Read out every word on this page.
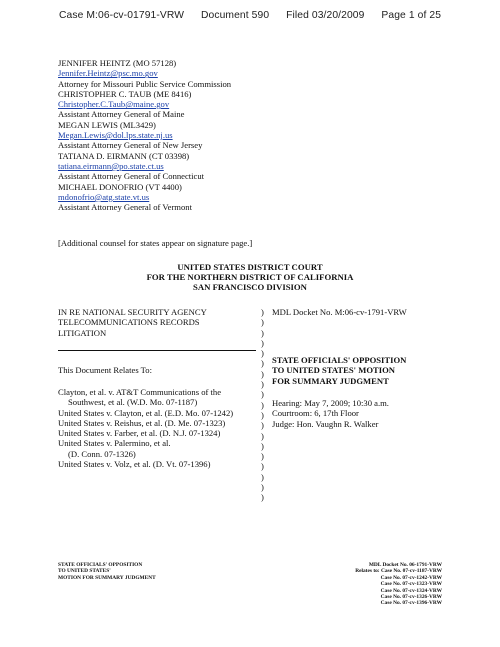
Case M:06-cv-01791-VRW Document 590 Filed 03/20/2009 Page 1 of 25
JENNIFER HEINTZ (MO 57128)
Jennifer.Heintz@psc.mo.gov
Attorney for Missouri Public Service Commission
CHRISTOPHER C. TAUB (ME 8416)
Christopher.C.Taub@maine.gov
Assistant Attorney General of Maine
MEGAN LEWIS (ML3429)
Megan.Lewis@dol.lps.state.nj.us
Assistant Attorney General of New Jersey
TATIANA D. EIRMANN (CT 03398)
tatiana.eirmann@po.state.ct.us
Assistant Attorney General of Connecticut
MICHAEL DONOFRIO (VT 4400)
mdonofrio@atg.state.vt.us
Assistant Attorney General of Vermont
[Additional counsel for states appear on signature page.]
UNITED STATES DISTRICT COURT
FOR THE NORTHERN DISTRICT OF CALIFORNIA
SAN FRANCISCO DIVISION
IN RE NATIONAL SECURITY AGENCY
TELECOMMUNICATIONS RECORDS
LITIGATION
This Document Relates To:
Clayton, et al. v. AT&T Communications of the
Southwest, et al. (W.D. Mo. 07-1187)
United States v. Clayton, et al. (E.D. Mo. 07-1242)
United States v. Reishus, et al. (D. Me. 07-1323)
United States v. Farber, et al. (D. N.J. 07-1324)
United States v. Palermino, et al.
(D. Conn. 07-1326)
United States v. Volz, et al. (D. Vt. 07-1396)
)
)
)
)
)
)
)
)
)
)
)
)
)
)
)
)
)
)
)
MDL Docket No. M:06-cv-1791-VRW
STATE OFFICIALS' OPPOSITION
TO UNITED STATES' MOTION
FOR SUMMARY JUDGMENT
Hearing: May 7, 2009; 10:30 a.m.
Courtroom: 6, 17th Floor
Judge: Hon. Vaughn R. Walker
STATE OFFICIALS' OPPOSITION
TO UNITED STATES'
MOTION FOR SUMMARY JUDGMENT
MDL Docket No. 06-1791-VRW
Relates to: Case No. 07-cv-1187-VRW
Case No. 07-cv-1242-VRW
Case No. 07-cv-1323-VRW
Case No. 07-cv-1324-VRW
Case No. 07-cv-1326-VRW
Case No. 07-cv-1396-VRW
